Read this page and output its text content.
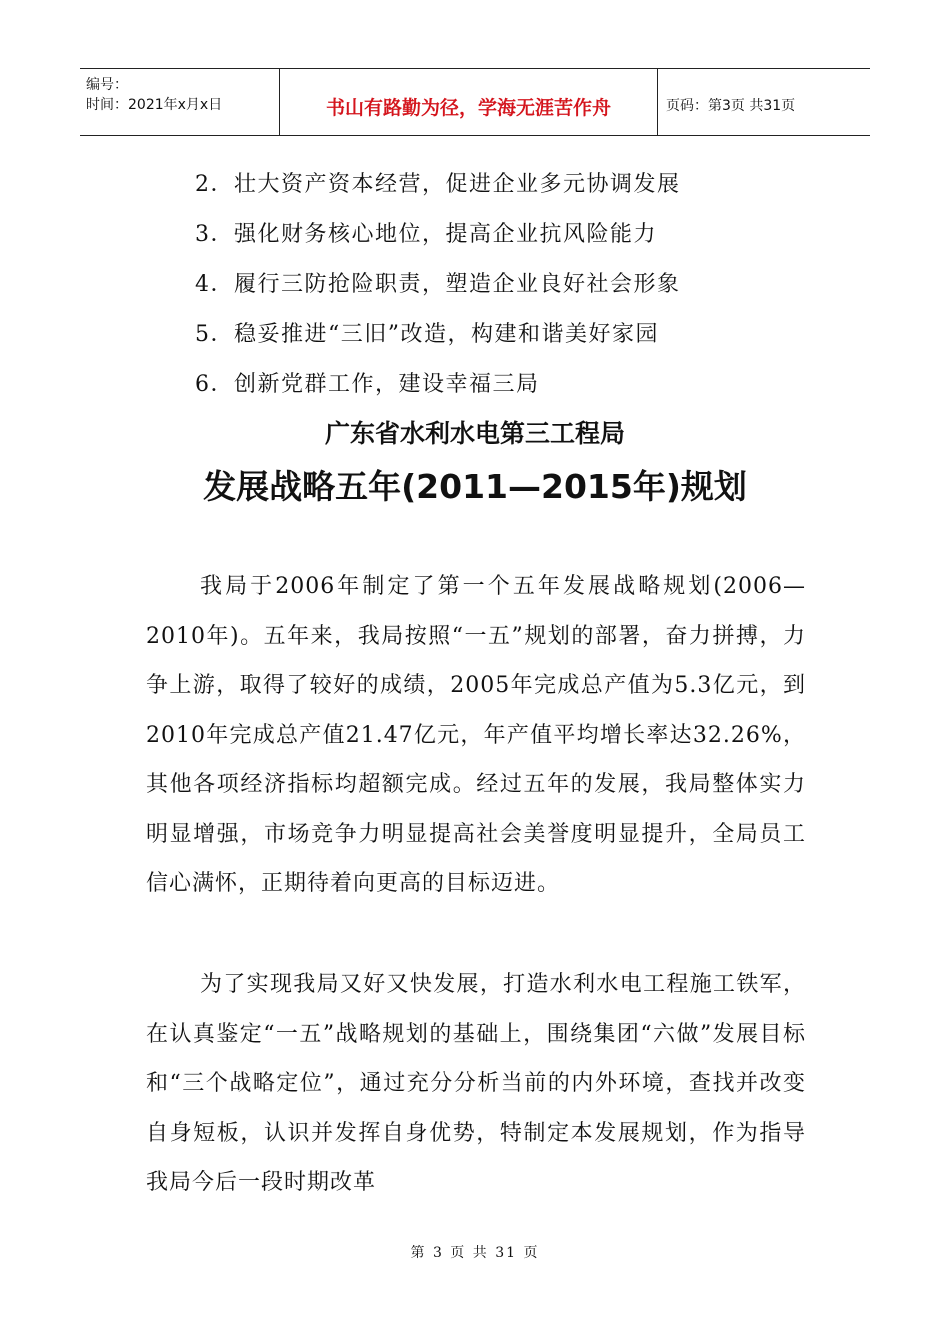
编号：
时间：2021年x月x日	书山有路勤为径，学海无涯苦作舟	页码：第3页 共31页
2．壮大资产资本经营，促进企业多元协调发展
3．强化财务核心地位，提高企业抗风险能力
4．履行三防抢险职责，塑造企业良好社会形象
5．稳妥推进“三旧”改造，构建和谐美好家园
6．创新党群工作，建设幸福三局
广东省水利水电第三工程局
发展战略五年(2011—2015年)规划

我局于2006年制定了第一个五年发展战略规划(2006—2010年)。五年来，我局按照“一五”规划的部署，奋力拼搏，力争上游，取得了较好的成绩，2005年完成总产值为5.3亿元，到2010年完成总产值21.47亿元，年产值平均增长率达32.26%，其他各项经济指标均超额完成。经过五年的发展，我局整体实力明显增强，市场竞争力明显提高社会美誉度明显提升，全局员工信心满怀，正期待着向更高的目标迈进。

为了实现我局又好又快发展，打造水利水电工程施工铁军，在认真鉴定“一五”战略规划的基础上，围绕集团“六做”发展目标和“三个战略定位”，通过充分分析当前的内外环境，查找并改变自身短板，认识并发挥自身优势，特制定本发展规划，作为指导我局今后一段时期改革

第 3 页 共 31 页
